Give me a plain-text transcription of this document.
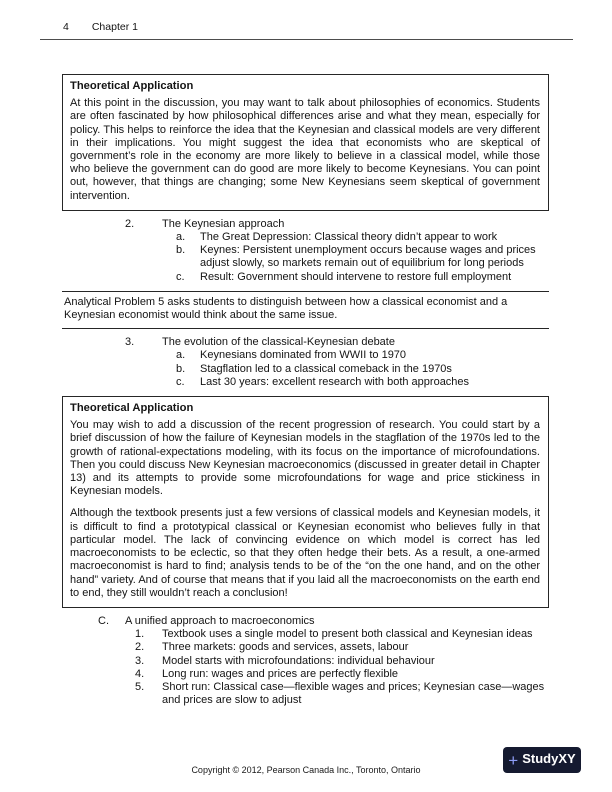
4 Chapter 1
Theoretical Application

At this point in the discussion, you may want to talk about philosophies of economics. Students are often fascinated by how philosophical differences arise and what they mean, especially for policy. This helps to reinforce the idea that the Keynesian and classical models are very different in their implications. You might suggest the idea that economists who are skeptical of government’s role in the economy are more likely to believe in a classical model, while those who believe the government can do good are more likely to become Keynesians. You can point out, however, that things are changing; some New Keynesians seem skeptical of government intervention.

2.	The Keynesian approach
a.	The Great Depression: Classical theory didn’t appear to work
b.	Keynes: Persistent unemployment occurs because wages and prices adjust slowly, so markets remain out of equilibrium for long periods
c.	Result: Government should intervene to restore full employment
Analytical Problem 5 asks students to distinguish between how a classical economist and a Keynesian economist would think about the same issue.
3.	The evolution of the classical-Keynesian debate
a.	Keynesians dominated from WWII to 1970
b.	Stagflation led to a classical comeback in the 1970s
c.	Last 30 years: excellent research with both approaches
Theoretical Application

You may wish to add a discussion of the recent progression of research. You could start by a brief discussion of how the failure of Keynesian models in the stagflation of the 1970s led to the growth of rational-expectations modeling, with its focus on the importance of microfoundations. Then you could discuss New Keynesian macroeconomics (discussed in greater detail in Chapter 13) and its attempts to provide some microfoundations for wage and price stickiness in Keynesian models.

Although the textbook presents just a few versions of classical models and Keynesian models, it is difficult to find a prototypical classical or Keynesian economist who believes fully in that particular model. The lack of convincing evidence on which model is correct has led macroeconomists to be eclectic, so that they often hedge their bets. As a result, a one-armed macroeconomist is hard to find; analysis tends to be of the “on the one hand, and on the other hand” variety. And of course that means that if you laid all the macroeconomists on the earth end to end, they still wouldn’t reach a conclusion!

C.	A unified approach to macroeconomics
1.	Textbook uses a single model to present both classical and Keynesian ideas
2.	Three markets: goods and services, assets, labour
3.	Model starts with microfoundations: individual behaviour
4.	Long run: wages and prices are perfectly flexible
5.	Short run: Classical case—flexible wages and prices; Keynesian case—wages and prices are slow to adjust
+ StudyXY
Copyright © 2012, Pearson Canada Inc., Toronto, Ontario
